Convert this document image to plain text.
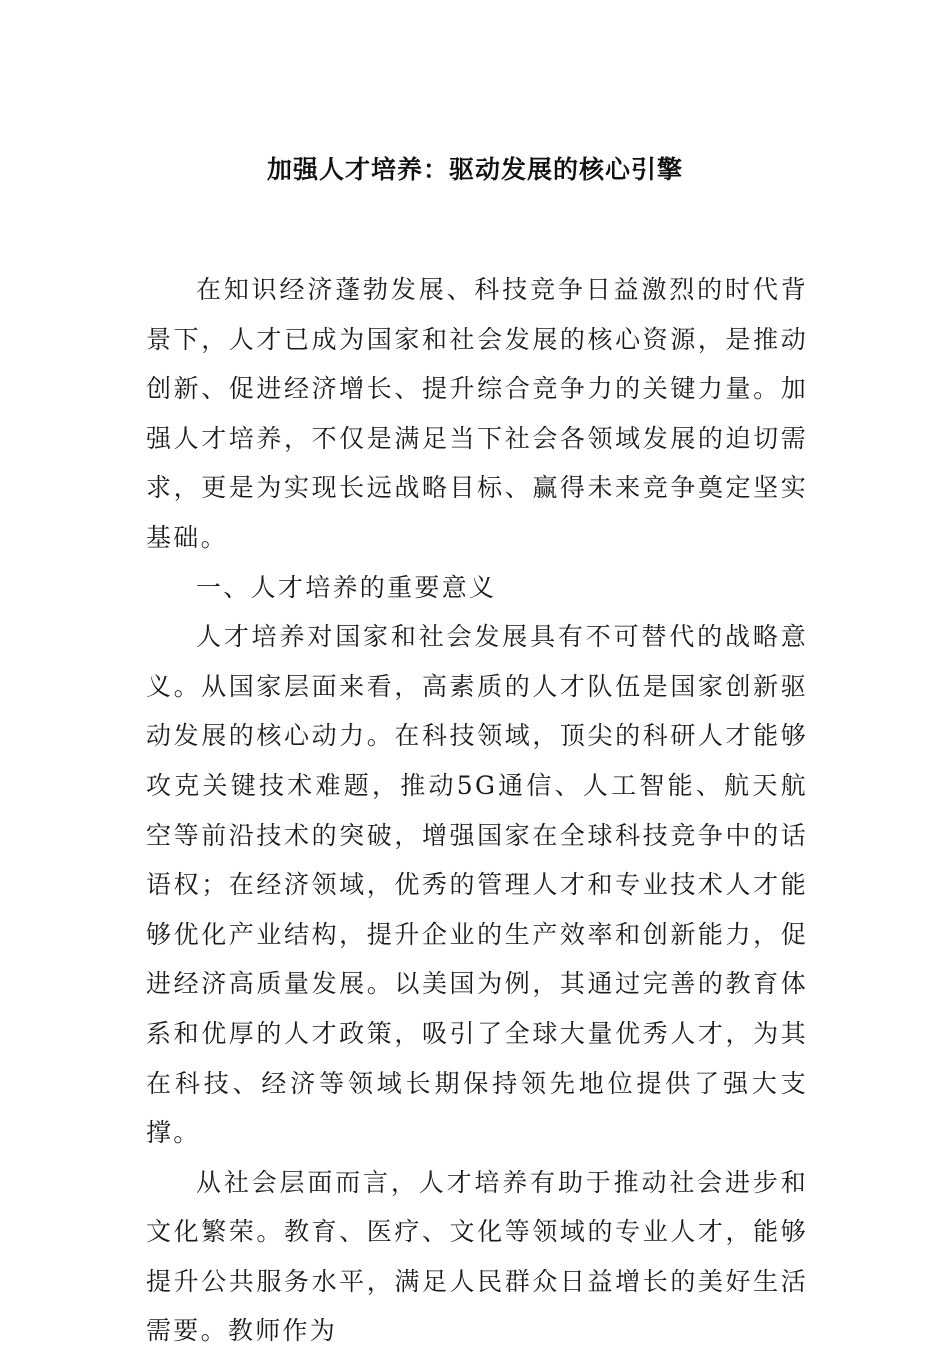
加强人才培养：驱动发展的核心引擎

在知识经济蓬勃发展、科技竞争日益激烈的时代背景下，人才已成为国家和社会发展的核心资源，是推动创新、促进经济增长、提升综合竞争力的关键力量。加强人才培养，不仅是满足当下社会各领域发展的迫切需求，更是为实现长远战略目标、赢得未来竞争奠定坚实基础。

一、人才培养的重要意义

人才培养对国家和社会发展具有不可替代的战略意义。从国家层面来看，高素质的人才队伍是国家创新驱动发展的核心动力。在科技领域，顶尖的科研人才能够攻克关键技术难题，推动5G通信、人工智能、航天航空等前沿技术的突破，增强国家在全球科技竞争中的话语权；在经济领域，优秀的管理人才和专业技术人才能够优化产业结构，提升企业的生产效率和创新能力，促进经济高质量发展。以美国为例，其通过完善的教育体系和优厚的人才政策，吸引了全球大量优秀人才，为其在科技、经济等领域长期保持领先地位提供了强大支撑。

从社会层面而言，人才培养有助于推动社会进步和文化繁荣。教育、医疗、文化等领域的专业人才，能够提升公共服务水平，满足人民群众日益增长的美好生活需要。教师作为
